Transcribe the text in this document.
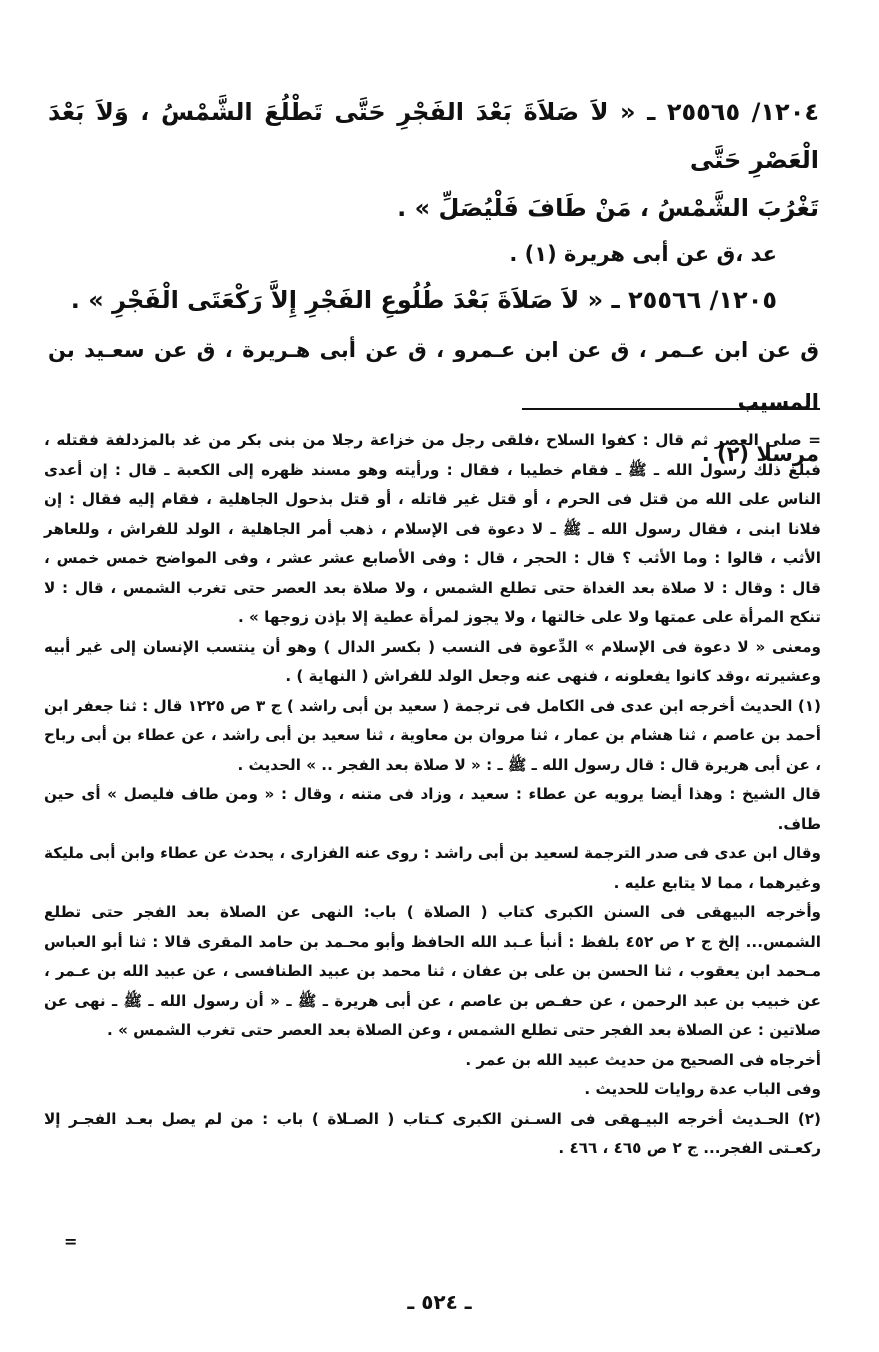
١٢٠٤/ ٢٥٥٦٥ ـ « لاَ صَلاَةَ بَعْدَ الفَجْرِ حَتَّى تَطْلُعَ الشَّمْسُ ، وَلاَ بَعْدَ الْعَصْرِ حَتَّى
تَغْرُبَ الشَّمْسُ ، مَنْ طَافَ فَلْيُصَلِّ » .

عد ،ق عن أبى هريرة (١) .

١٢٠٥/ ٢٥٥٦٦ ـ « لاَ صَلاَةَ بَعْدَ طُلُوعِ الفَجْرِ إِلاَّ رَكْعَتَى الْفَجْرِ » .

ق عن ابن عـمر ، ق عن ابن عـمرو ، ق عن أبى هـريرة ، ق عن سعـيد بن المسيب
مرسلا (٢) .

= صلى العصر ثم قال : كفوا السلاح ،فلقى رجل من خزاعة رجلا من بنى بكر من غد بالمزدلفة فقتله ، فبلغ ذلك رسول الله ـ ﷺ ـ فقام خطيبا ، فقال : ورأيته وهو مسند ظهره إلى الكعبة ـ قال : إن أعدى الناس على الله من قتل فى الحرم ، أو قتل غير قاتله ، أو قتل بذحول الجاهلية ، فقام إليه فقال : إن فلانا ابنى ، فقال رسول الله ـ ﷺ ـ لا دعوة فى الإسلام ، ذهب أمر الجاهلية ، الولد للفراش ، وللعاهر الأثب ، قالوا : وما الأثب ؟ قال : الحجر ، قال : وفى الأصابع عشر عشر ، وفى المواضح خمس خمس ، قال : وقال : لا صلاة بعد الغداة حتى تطلع الشمس ، ولا صلاة بعد العصر حتى تغرب الشمس ، قال : لا تنكح المرأة على عمتها ولا على خالتها ، ولا يجوز لمرأة عطية إلا بإذن زوجها » .

ومعنى « لا دعوة فى الإسلام » الدِّعوة فى النسب ( بكسر الدال ) وهو أن ينتسب الإنسان إلى غير أبيه وعشيرته ،وقد كانوا يفعلونه ، فنهى عنه وجعل الولد للفراش ( النهاية ) .

(١) الحديث أخرجه ابن عدى فى الكامل فى ترجمة ( سعيد بن أبى راشد ) ج ٣ ص ١٢٢٥ قال : ثنا جعفر ابن أحمد بن عاصم ، ثنا هشام بن عمار ، ثنا مروان بن معاوية ، ثنا سعيد بن أبى راشد ، عن عطاء بن أبى رباح ، عن أبى هريرة قال : قال رسول الله ـ ﷺ ـ : « لا صلاة بعد الفجر .. » الحديث .

قال الشيخ : وهذا أيضا يرويه عن عطاء : سعيد ، وزاد فى متنه ، وقال : « ومن طاف فليصل » أى حين طاف.

وقال ابن عدى فى صدر الترجمة لسعيد بن أبى راشد : روى عنه الفزارى ، يحدث عن عطاء وابن أبى مليكة وغيرهما ، مما لا يتابع عليه .

وأخرجه البيهقى فى السنن الكبرى كتاب ( الصلاة ) باب: النهى عن الصلاة بعد الفجر حتى تطلع الشمس... إلخ ج ٢ ص ٤٥٢ بلفظ : أنبأ عـبد الله الحافظ وأبو محـمد بن حامد المقرى قالا : ثنا أبو العباس مـحمد ابن يعقوب ، ثنا الحسن بن على بن عفان ، ثنا محمد بن عبيد الطنافسى ، عن عبيد الله بن عـمر ، عن خبيب بن عبد الرحمن ، عن حفـص بن عاصم ، عن أبى هريرة ـ ﷺ ـ « أن رسول الله ـ ﷺ ـ نهى عن صلاتين : عن الصلاة بعد الفجر حتى تطلع الشمس ، وعن الصلاة بعد العصر حتى تغرب الشمس » .

أخرجاه فى الصحيح من حديث عبيد الله بن عمر .

وفى الباب عدة روايات للحديث .

(٢) الحـديث أخرجه البيـهقى فى السـنن الكبرى كـتاب ( الصـلاة ) باب : من لم يصل بعـد الفجـر إلا ركعـتى الفجر... ج ٢ ص ٤٦٥ ، ٤٦٦ .

=
ـ ٥٢٤ ـ
